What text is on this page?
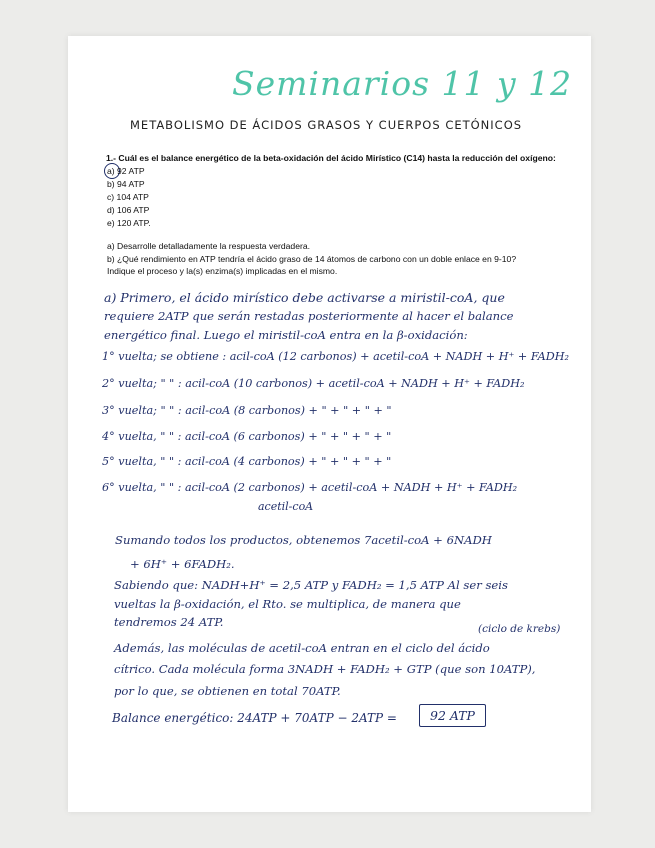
Seminarios 11 y 12
METABOLISMO DE ÁCIDOS GRASOS Y CUERPOS CETÓNICOS
1.- Cuál es el balance energético de la beta-oxidación del ácido Mirístico (C14) hasta la reducción del oxígeno:
a) 92 ATP
b) 94 ATP
c) 104 ATP
d) 106 ATP
e) 120 ATP.
a) Desarrolle detalladamente la respuesta verdadera.
b) ¿Qué rendimiento en ATP tendría el ácido graso de 14 átomos de carbono con un doble enlace en 9-10?
Indique el proceso y la(s) enzima(s) implicadas en el mismo.
a) Primero, el ácido mirístico debe activarse a miristil-coA, que
requiere 2ATP que serán restadas posteriormente al hacer el balance
energético final. Luego el miristil-coA entra en la β-oxidación:
1° vuelta; se obtiene : acil-coA (12 carbonos) + acetil-coA + NADH + H⁺ + FADH₂
2° vuelta; " " : acil-coA (10 carbonos) + acetil-coA + NADH + H⁺ + FADH₂
3° vuelta; " " : acil-coA (8 carbonos) + " + " + " + "
4° vuelta, " " : acil-coA (6 carbonos) + " + " + " + "
5° vuelta, " " : acil-coA (4 carbonos) + " + " + " + "
6° vuelta, " " : acil-coA (2 carbonos) + acetil-coA + NADH + H⁺ + FADH₂
acetil-coA
Sumando todos los productos, obtenemos 7acetil-coA + 6NADH
+ 6H⁺ + 6FADH₂.
Sabiendo que: NADH+H⁺ = 2,5 ATP y FADH₂ = 1,5 ATP Al ser seis
vueltas la β-oxidación, el Rto. se multiplica, de manera que
tendremos 24 ATP.	(ciclo de krebs)
Además, las moléculas de acetil-coA entran en el ciclo del ácido
cítrico. Cada molécula forma 3NADH + FADH₂ + GTP (que son 10ATP),
por lo que, se obtienen en total 70ATP.
Balance energético: 24ATP + 70ATP − 2ATP =	92 ATP
